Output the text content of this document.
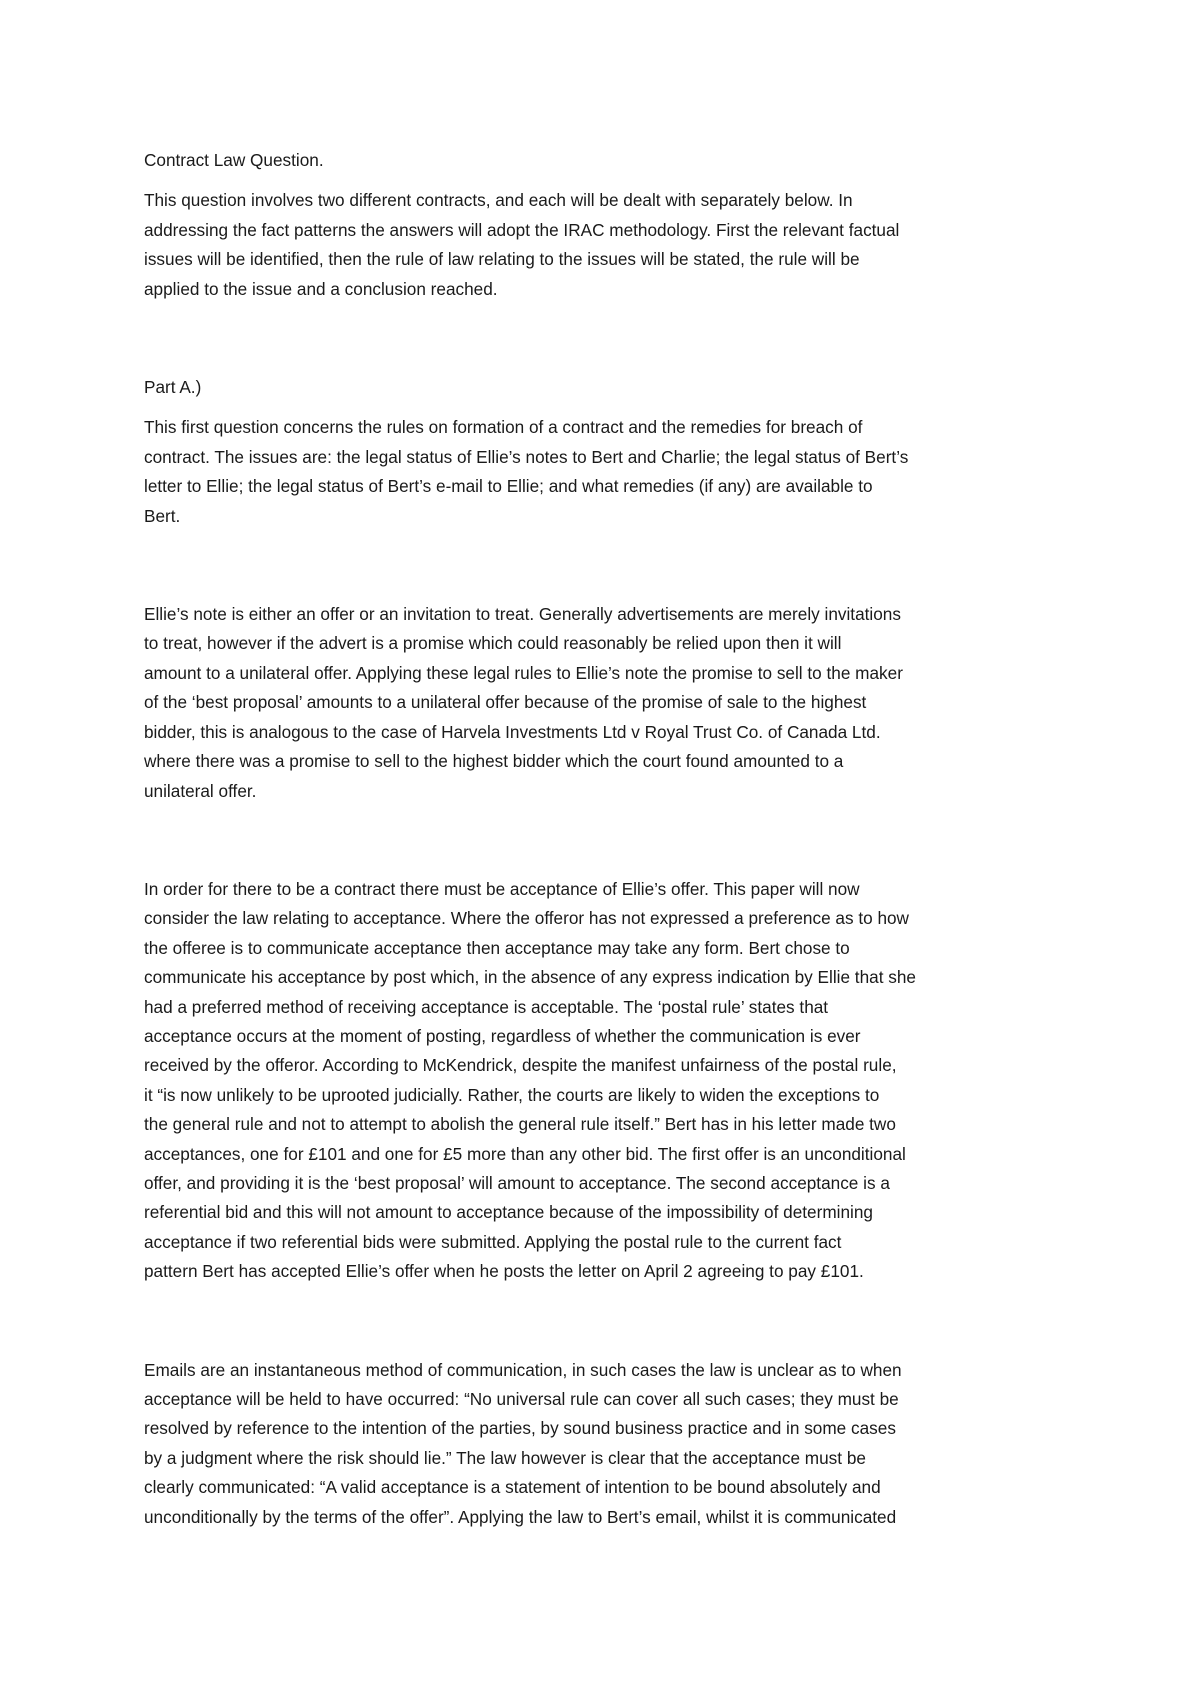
Contract Law Question.

This question involves two different contracts, and each will be dealt with separately below. In
addressing the fact patterns the answers will adopt the IRAC methodology. First the relevant factual
issues will be identified, then the rule of law relating to the issues will be stated, the rule will be
applied to the issue and a conclusion reached.

Part A.)

This first question concerns the rules on formation of a contract and the remedies for breach of
contract. The issues are: the legal status of Ellie’s notes to Bert and Charlie; the legal status of Bert’s
letter to Ellie; the legal status of Bert’s e-mail to Ellie; and what remedies (if any) are available to
Bert.

Ellie’s note is either an offer or an invitation to treat. Generally advertisements are merely invitations
to treat, however if the advert is a promise which could reasonably be relied upon then it will
amount to a unilateral offer. Applying these legal rules to Ellie’s note the promise to sell to the maker
of the ‘best proposal’ amounts to a unilateral offer because of the promise of sale to the highest
bidder, this is analogous to the case of Harvela Investments Ltd v Royal Trust Co. of Canada Ltd.
where there was a promise to sell to the highest bidder which the court found amounted to a
unilateral offer.

In order for there to be a contract there must be acceptance of Ellie’s offer. This paper will now
consider the law relating to acceptance. Where the offeror has not expressed a preference as to how
the offeree is to communicate acceptance then acceptance may take any form. Bert chose to
communicate his acceptance by post which, in the absence of any express indication by Ellie that she
had a preferred method of receiving acceptance is acceptable. The ‘postal rule’ states that
acceptance occurs at the moment of posting, regardless of whether the communication is ever
received by the offeror. According to McKendrick, despite the manifest unfairness of the postal rule,
it “is now unlikely to be uprooted judicially. Rather, the courts are likely to widen the exceptions to
the general rule and not to attempt to abolish the general rule itself.” Bert has in his letter made two
acceptances, one for £101 and one for £5 more than any other bid. The first offer is an unconditional
offer, and providing it is the ‘best proposal’ will amount to acceptance. The second acceptance is a
referential bid and this will not amount to acceptance because of the impossibility of determining
acceptance if two referential bids were submitted. Applying the postal rule to the current fact
pattern Bert has accepted Ellie’s offer when he posts the letter on April 2 agreeing to pay £101.

Emails are an instantaneous method of communication, in such cases the law is unclear as to when
acceptance will be held to have occurred: “No universal rule can cover all such cases; they must be
resolved by reference to the intention of the parties, by sound business practice and in some cases
by a judgment where the risk should lie.” The law however is clear that the acceptance must be
clearly communicated: “A valid acceptance is a statement of intention to be bound absolutely and
unconditionally by the terms of the offer”. Applying the law to Bert’s email, whilst it is communicated
